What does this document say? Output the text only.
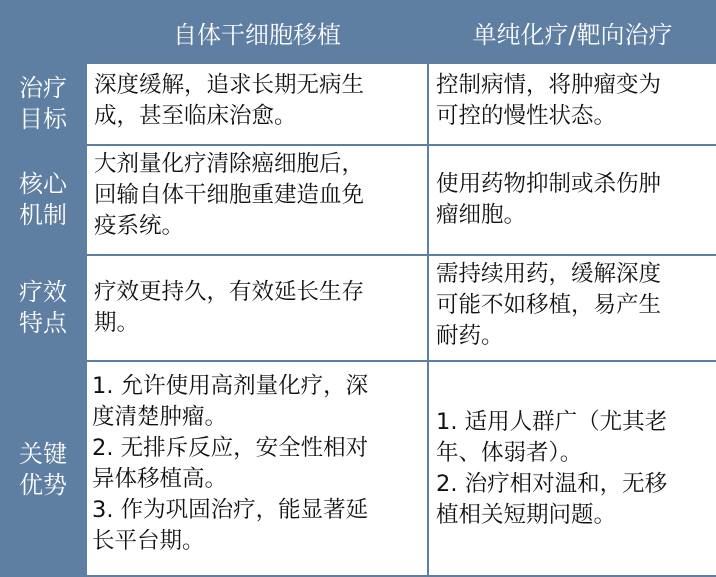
自体干细胞移植	单纯化疗/靶向治疗
治疗
目标
深度缓解，追求长期无病生
成，甚至临床治愈。
控制病情，将肿瘤变为
可控的慢性状态。
核心
机制
大剂量化疗清除癌细胞后，
回输自体干细胞重建造血免
疫系统。
使用药物抑制或杀伤肿
瘤细胞。
疗效
特点
疗效更持久，有效延长生存
期。
需持续用药，缓解深度
可能不如移植，易产生
耐药。
关键
优势
1. 允许使用高剂量化疗，深
度清楚肿瘤。
2. 无排斥反应，安全性相对
异体移植高。
3. 作为巩固治疗，能显著延
长平台期。
1. 适用人群广（尤其老
年、体弱者）。
2. 治疗相对温和，无移
植相关短期问题。
